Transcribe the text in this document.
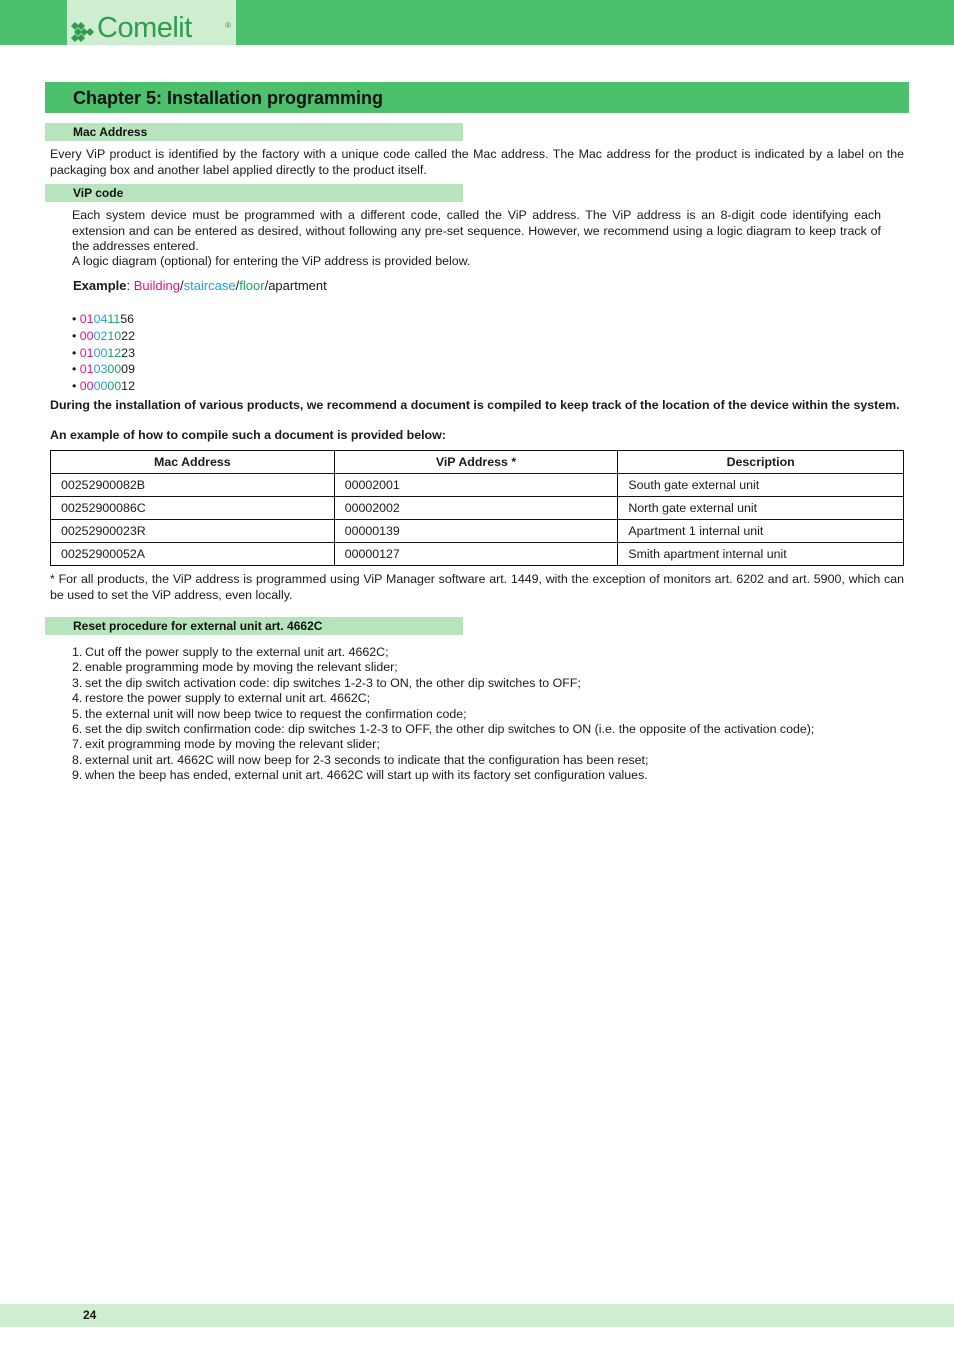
Comelit	®
Chapter 5: Installation programming
Mac Address

Every ViP product is identified by the factory with a unique code called the Mac address. The Mac address for the product is indicated by a label on the packaging box and another label applied directly to the product itself.

ViP code

Each system device must be programmed with a different code, called the ViP address. The ViP address is an 8-digit code identifying each extension and can be entered as desired, without following any pre-set sequence. However, we recommend using a logic diagram to keep track of the addresses entered.

A logic diagram (optional) for entering the ViP address is provided below.

Example: Building/staircase/floor/apartment
• 01041156
• 00021022
• 01001223
• 01030009
• 00000012

During the installation of various products, we recommend a document is compiled to keep track of the location of the device within the system.

An example of how to compile such a document is provided below:

Mac Address	ViP Address *	Description
00252900082B	00002001	South gate external unit
00252900086C	00002002	North gate external unit
00252900023R	00000139	Apartment 1 internal unit
00252900052A	00000127	Smith apartment internal unit

* For all products, the ViP address is programmed using ViP Manager software art. 1449, with the exception of monitors art. 6202 and art. 5900, which can be used to set the ViP address, even locally.

Reset procedure for external unit art. 4662C
1. Cut off the power supply to the external unit art. 4662C;
2. enable programming mode by moving the relevant slider;
3. set the dip switch activation code: dip switches 1-2-3 to ON, the other dip switches to OFF;
4. restore the power supply to external unit art. 4662C;
5. the external unit will now beep twice to request the confirmation code;
6. set the dip switch confirmation code: dip switches 1-2-3 to OFF, the other dip switches to ON (i.e. the opposite of the activation code);
7. exit programming mode by moving the relevant slider;
8. external unit art. 4662C will now beep for 2-3 seconds to indicate that the configuration has been reset;
9. when the beep has ended, external unit art. 4662C will start up with its factory set configuration values.
24
